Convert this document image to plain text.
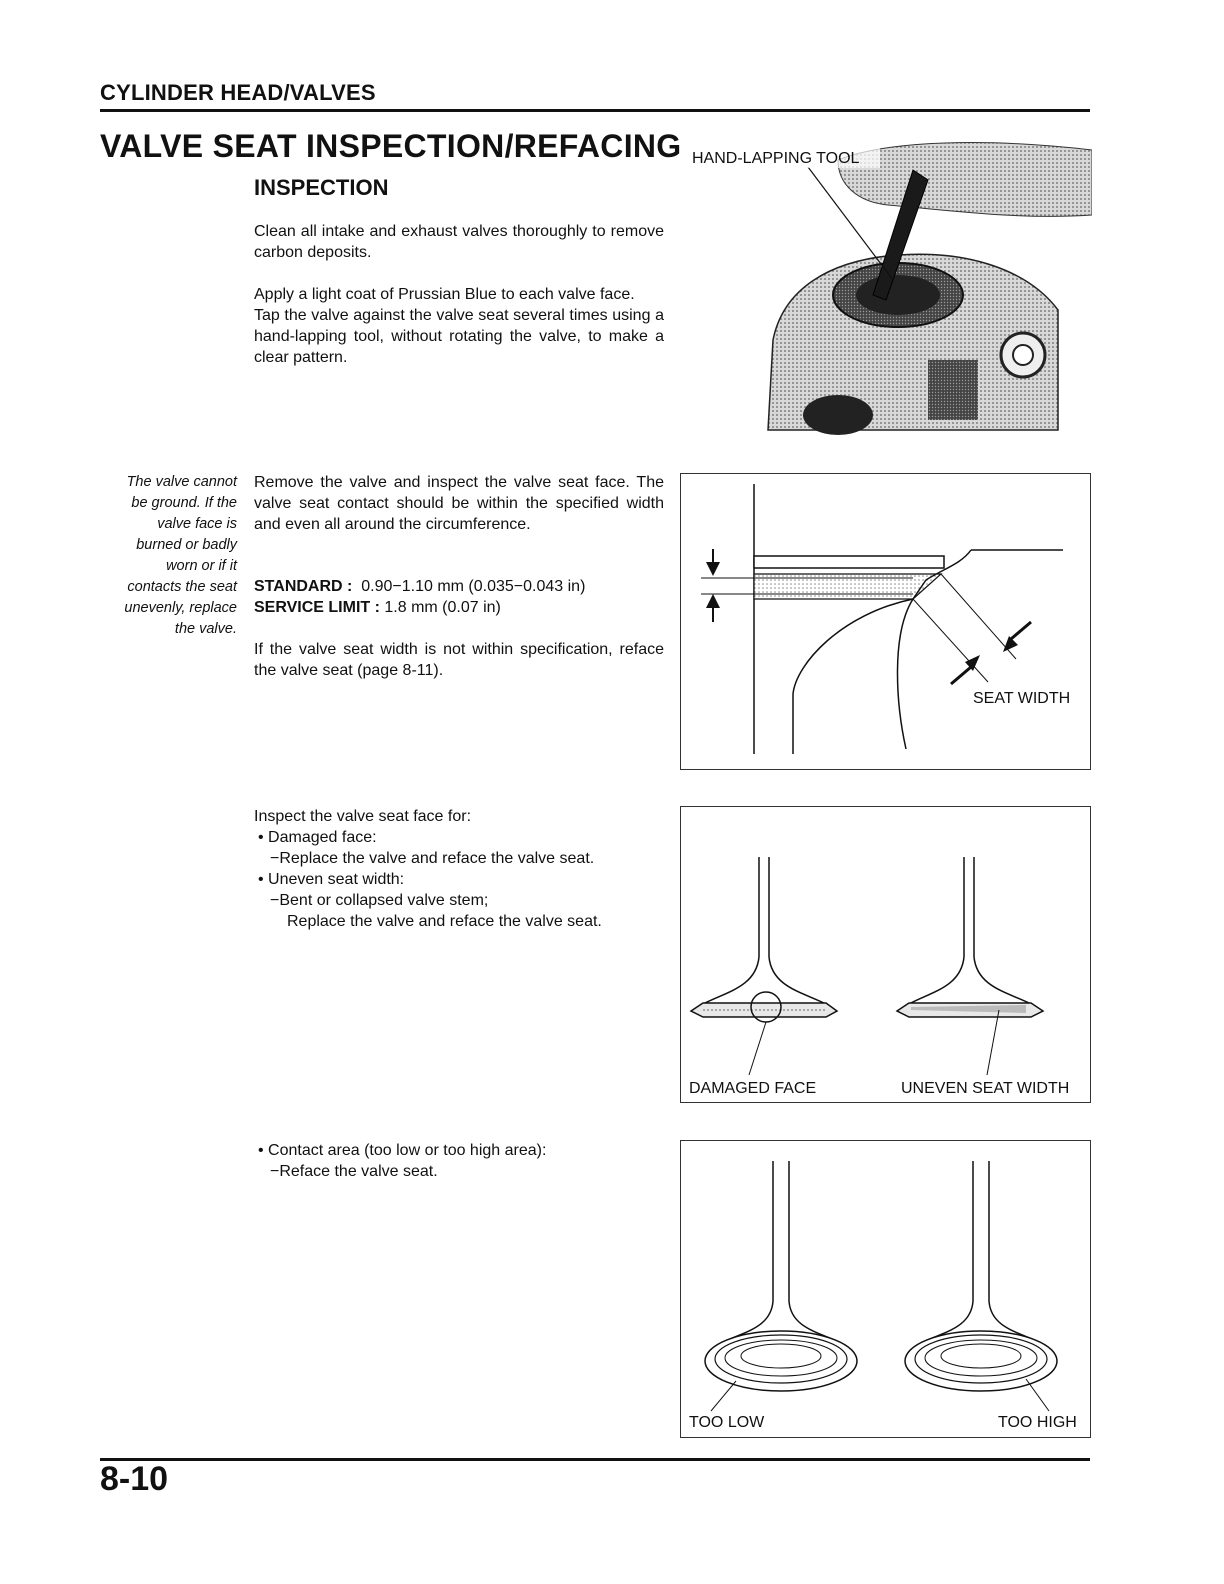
CYLINDER HEAD/VALVES
VALVE SEAT INSPECTION/REFACING
INSPECTION

Clean all intake and exhaust valves thoroughly to remove carbon deposits.

Apply a light coat of Prussian Blue to each valve face.

Tap the valve against the valve seat several times using a hand-lapping tool, without rotating the valve, to make a clear pattern.

Remove the valve and inspect the valve seat face. The valve seat contact should be within the specified width and even all around the circumference.

The valve cannot
be ground. If the
valve face is
burned or badly
worn or if it
contacts the seat
unevenly, replace
the valve.
STANDARD : 0.90−1.10 mm (0.035−0.043 in)
SERVICE LIMIT : 1.8 mm (0.07 in)

If the valve seat width is not within specification, reface the valve seat (page 8-11).

Inspect the valve seat face for:
• Damaged face:
−Replace the valve and reface the valve seat.
• Uneven seat width:
−Bent or collapsed valve stem;
Replace the valve and reface the valve seat.
• Contact area (too low or too high area):
−Reface the valve seat.
HAND-LAPPING TOOL
SEAT WIDTH
DAMAGED FACE	UNEVEN SEAT WIDTH
TOO LOW	TOO HIGH
8-10
